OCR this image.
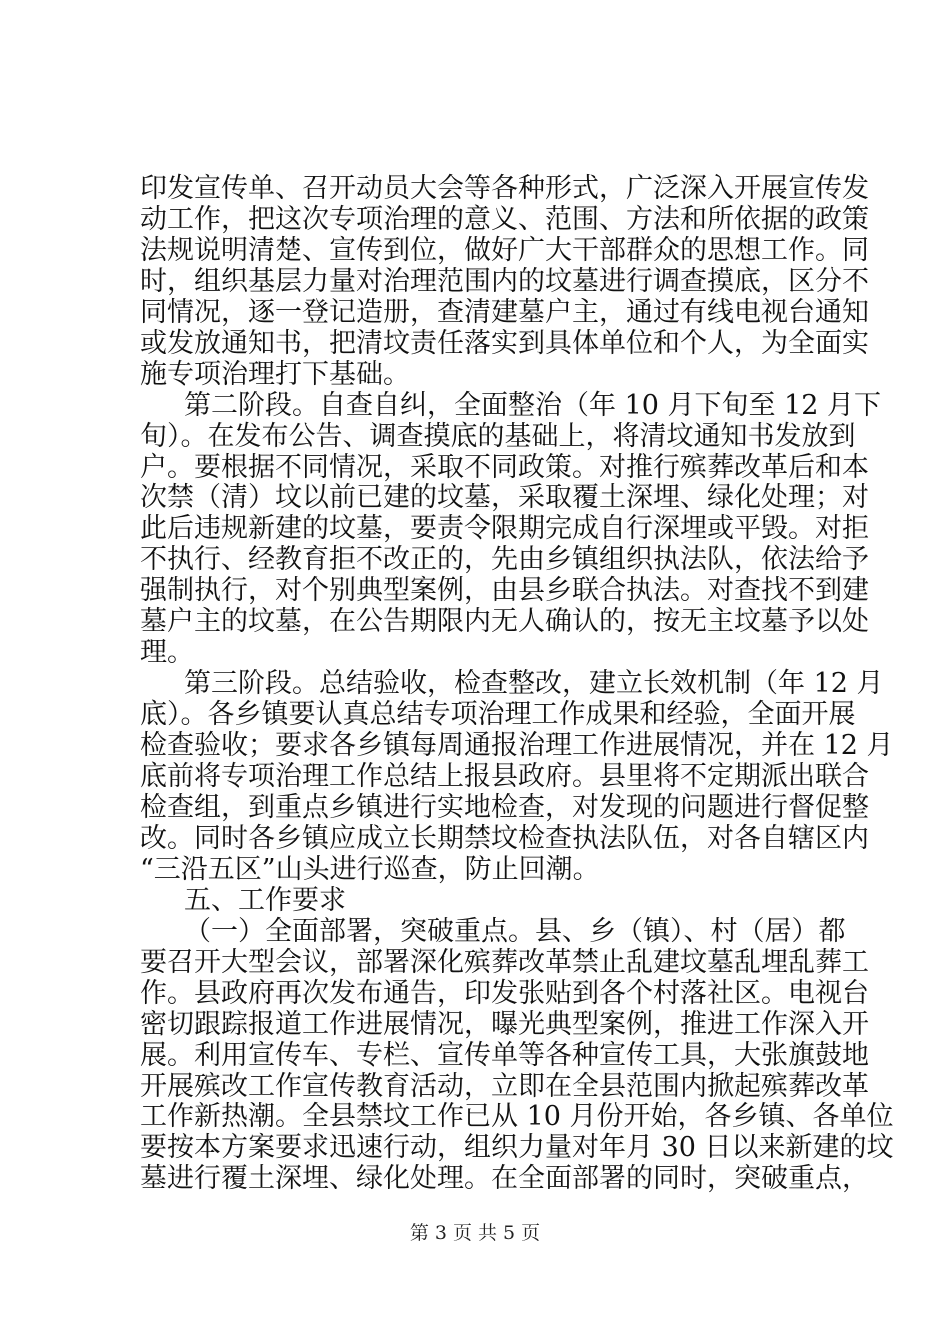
印发宣传单、召开动员大会等各种形式，广泛深入开展宣传发
动工作，把这次专项治理的意义、范围、方法和所依据的政策
法规说明清楚、宣传到位，做好广大干部群众的思想工作。同
时，组织基层力量对治理范围内的坟墓进行调查摸底，区分不
同情况，逐一登记造册，查清建墓户主，通过有线电视台通知
或发放通知书，把清坟责任落实到具体单位和个人，为全面实
施专项治理打下基础。
第二阶段。自查自纠，全面整治（年 10 月下旬至 12 月下
旬）。在发布公告、调查摸底的基础上，将清坟通知书发放到
户。要根据不同情况，采取不同政策。对推行殡葬改革后和本
次禁（清）坟以前已建的坟墓，采取覆土深埋、绿化处理；对
此后违规新建的坟墓，要责令限期完成自行深埋或平毁。对拒
不执行、经教育拒不改正的，先由乡镇组织执法队，依法给予
强制执行，对个别典型案例，由县乡联合执法。对查找不到建
墓户主的坟墓，在公告期限内无人确认的，按无主坟墓予以处
理。
第三阶段。总结验收，检查整改，建立长效机制（年 12 月
底）。各乡镇要认真总结专项治理工作成果和经验，全面开展
检查验收；要求各乡镇每周通报治理工作进展情况，并在 12 月
底前将专项治理工作总结上报县政府。县里将不定期派出联合
检查组，到重点乡镇进行实地检查，对发现的问题进行督促整
改。同时各乡镇应成立长期禁坟检查执法队伍，对各自辖区内
“三沿五区”山头进行巡查，防止回潮。
五、工作要求
（一）全面部署，突破重点。县、乡（镇）、村（居）都
要召开大型会议，部署深化殡葬改革禁止乱建坟墓乱埋乱葬工
作。县政府再次发布通告，印发张贴到各个村落社区。电视台
密切跟踪报道工作进展情况，曝光典型案例，推进工作深入开
展。利用宣传车、专栏、宣传单等各种宣传工具，大张旗鼓地
开展殡改工作宣传教育活动，立即在全县范围内掀起殡葬改革
工作新热潮。全县禁坟工作已从 10 月份开始，各乡镇、各单位
要按本方案要求迅速行动，组织力量对年月 30 日以来新建的坟
墓进行覆土深埋、绿化处理。在全面部署的同时，突破重点，
第 3 页 共 5 页
